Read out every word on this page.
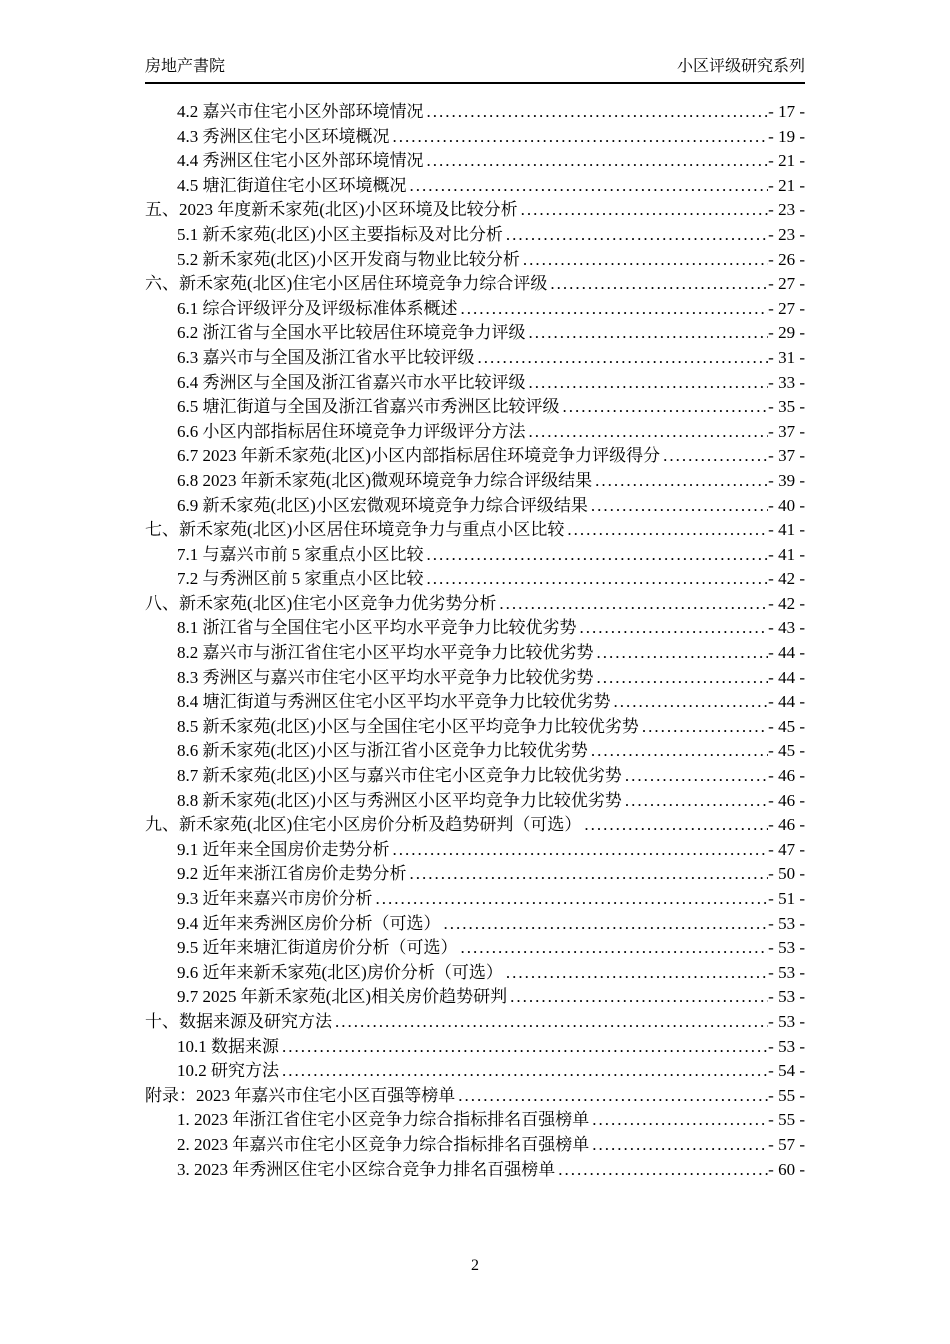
房地产書院	小区评级研究系列
4.2 嘉兴市住宅小区外部环境情况 .....	- 17 -
4.3 秀洲区住宅小区环境概况 .....	- 19 -
4.4 秀洲区住宅小区外部环境情况 .....	- 21 -
4.5 塘汇街道住宅小区环境概况 .....	- 21 -
五、2023 年度新禾家苑(北区)小区环境及比较分析 .....	- 23 -
5.1 新禾家苑(北区)小区主要指标及对比分析 .....	- 23 -
5.2 新禾家苑(北区)小区开发商与物业比较分析 .....	- 26 -
六、新禾家苑(北区)住宅小区居住环境竞争力综合评级 .....	- 27 -
6.1 综合评级评分及评级标准体系概述 .....	- 27 -
6.2 浙江省与全国水平比较居住环境竞争力评级 .....	- 29 -
6.3 嘉兴市与全国及浙江省水平比较评级 .....	- 31 -
6.4 秀洲区与全国及浙江省嘉兴市水平比较评级 .....	- 33 -
6.5 塘汇街道与全国及浙江省嘉兴市秀洲区比较评级 .....	- 35 -
6.6 小区内部指标居住环境竞争力评级评分方法 .....	- 37 -
6.7 2023 年新禾家苑(北区)小区内部指标居住环境竞争力评级得分 .....	- 37 -
6.8 2023 年新禾家苑(北区)微观环境竞争力综合评级结果 .....	- 39 -
6.9 新禾家苑(北区)小区宏微观环境竞争力综合评级结果 .....	- 40 -
七、新禾家苑(北区)小区居住环境竞争力与重点小区比较 .....	- 41 -
7.1 与嘉兴市前 5 家重点小区比较 .....	- 41 -
7.2 与秀洲区前 5 家重点小区比较 .....	- 42 -
八、新禾家苑(北区)住宅小区竞争力优劣势分析 .....	- 42 -
8.1 浙江省与全国住宅小区平均水平竞争力比较优劣势 .....	- 43 -
8.2 嘉兴市与浙江省住宅小区平均水平竞争力比较优劣势 .....	- 44 -
8.3 秀洲区与嘉兴市住宅小区平均水平竞争力比较优劣势 .....	- 44 -
8.4 塘汇街道与秀洲区住宅小区平均水平竞争力比较优劣势 .....	- 44 -
8.5 新禾家苑(北区)小区与全国住宅小区平均竞争力比较优劣势 .....	- 45 -
8.6 新禾家苑(北区)小区与浙江省小区竞争力比较优劣势 .....	- 45 -
8.7 新禾家苑(北区)小区与嘉兴市住宅小区竞争力比较优劣势 .....	- 46 -
8.8 新禾家苑(北区)小区与秀洲区小区平均竞争力比较优劣势 .....	- 46 -
九、新禾家苑(北区)住宅小区房价分析及趋势研判（可选） .....	- 46 -
9.1 近年来全国房价走势分析 .....	- 47 -
9.2 近年来浙江省房价走势分析 .....	- 50 -
9.3 近年来嘉兴市房价分析 .....	- 51 -
9.4 近年来秀洲区房价分析（可选） .....	- 53 -
9.5 近年来塘汇街道房价分析（可选） .....	- 53 -
9.6 近年来新禾家苑(北区)房价分析（可选） .....	- 53 -
9.7 2025 年新禾家苑(北区)相关房价趋势研判 .....	- 53 -
十、数据来源及研究方法 .....	- 53 -
10.1 数据来源 .....	- 53 -
10.2 研究方法 .....	- 54 -
附录：2023 年嘉兴市住宅小区百强等榜单 .....	- 55 -
1. 2023 年浙江省住宅小区竞争力综合指标排名百强榜单 .....	- 55 -
2. 2023 年嘉兴市住宅小区竞争力综合指标排名百强榜单 .....	- 57 -
3. 2023 年秀洲区住宅小区综合竞争力排名百强榜单 .....	- 60 -
2
